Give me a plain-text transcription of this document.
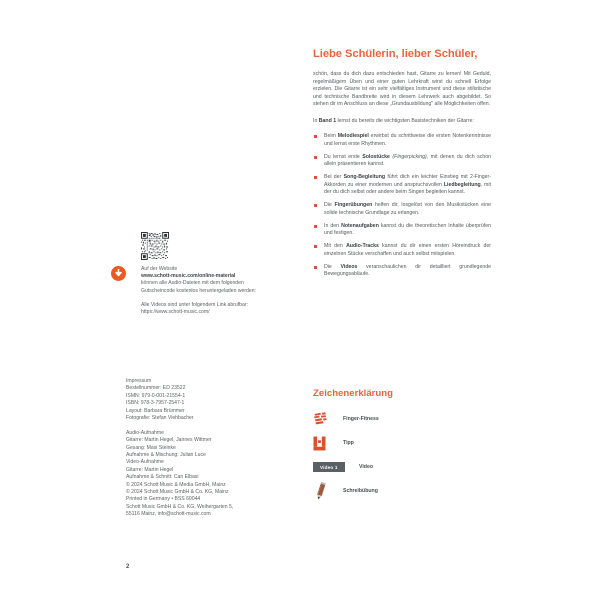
Auf der Website
www.schott-music.com/online-material
können alle Audio-Dateien mit dem folgenden
Gutscheincode kostenlos heruntergeladen werden:
Alle Videos sind unter folgendem Link abrufbar:
https://www.schott-music.com/
Impressum
Bestellnummer: ED 23522
ISMN: 979-0-001-21554-1
ISBN: 978-3-7957-2547-1
Layout: Barbara Brümmer
Fotografie: Stefan Viehbacher
Audio-Aufnahme
Gitarre: Martin Hegel, Jannes Wittmer
Gesang: Maxi Steinke
Aufnahme & Mischung: Julian Luce
Video-Aufnahme
Gitarre: Martin Hegel
Aufnahme & Schnitt: Can Elbasi
© 2024 Schott Music & Media GmbH, Mainz
© 2024 Schott Music GmbH & Co. KG, Mainz
Printed in Germany • BSS 60044
Schott Music GmbH & Co. KG, Weihergarten 5,
55116 Mainz, info@schott-music.com
2
Liebe Schülerin, lieber Schüler,

schön, dass du dich dazu entschieden hast, Gitarre zu lernen! Mit Geduld, regelmäßigem Üben und einer guten Lehrkraft wirst du schnell Erfolge erzielen. Die Gitarre ist ein sehr vielfältiges Instrument und diese stilistische und technische Bandbreite wird in diesem Lehrwerk auch abgebildet. So stehen dir im Anschluss an diese „Grundausbildung" alle Möglichkeiten offen.

In Band 1 lernst du bereits die wichtigsten Basistechniken der Gitarre:

Beim Melodiespiel erwirbst du schrittweise die ersten Notenkenntnisse und lernst erste Rhythmen.
Du lernst erste Solostücke (Fingerpicking), mit denen du dich schon allein präsentieren kannst.
Bei der Song-Begleitung führt dich ein leichter Einstieg mit 2-Finger-Akkorden zu einer modernen und anspruchsvollen Liedbegleitung, mit der du dich selbst oder andere beim Singen begleiten kannst.
Die Fingerübungen helfen dir, losgelöst von den Musikstücken eine solide technische Grundlage zu erlangen.
In den Notenaufgaben kannst du die theoretischen Inhalte überprüfen und festigen.
Mit den Audio-Tracks kannst du dir einen ersten Höreindruck der einzelnen Stücke verschaffen und auch selbst mitspielen.
Die Videos veranschaulichen dir detailliert grundlegende Bewegungsabläufe.
Zeichenerklärung
Finger-Fitness
Tipp
Video 1	Video
Schreibübung
